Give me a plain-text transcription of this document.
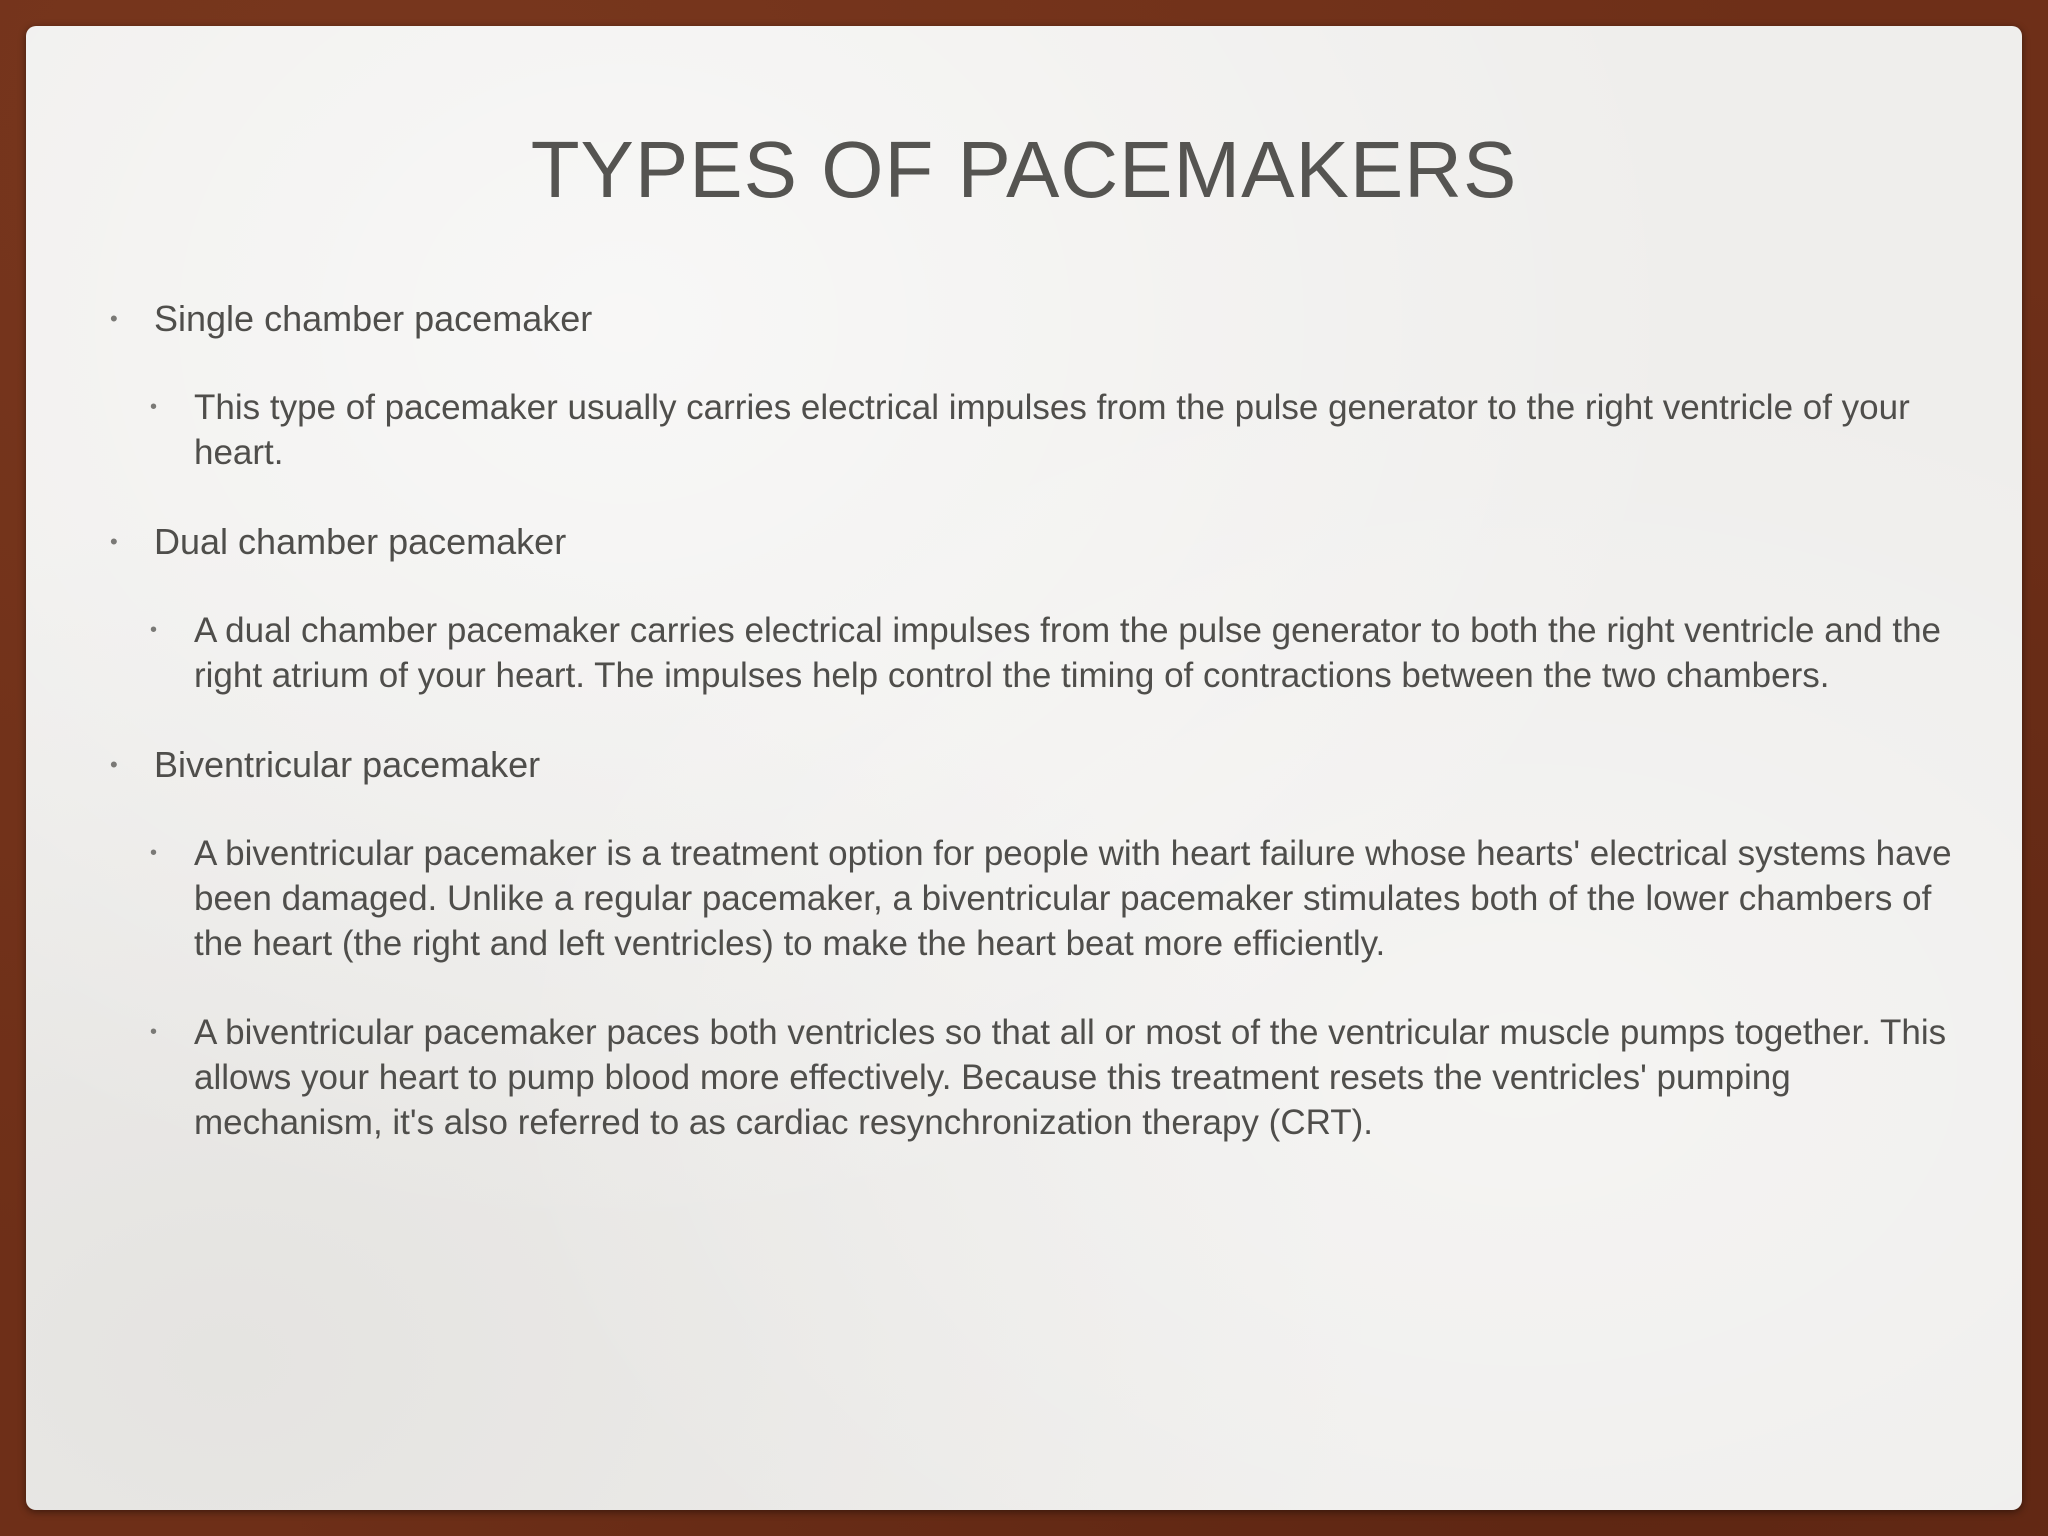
TYPES OF PACEMAKERS
•	Single chamber pacemaker
•	This type of pacemaker usually carries electrical impulses from the pulse generator to the right ventricle of your heart.
•	Dual chamber pacemaker
•	A dual chamber pacemaker carries electrical impulses from the pulse generator to both the right ventricle and the right atrium of your heart. The impulses help control the timing of contractions between the two chambers.
•	Biventricular pacemaker
•	A biventricular pacemaker is a treatment option for people with heart failure whose hearts' electrical systems have been damaged. Unlike a regular pacemaker, a biventricular pacemaker stimulates both of the lower chambers of the heart (the right and left ventricles) to make the heart beat more efficiently.
•	A biventricular pacemaker paces both ventricles so that all or most of the ventricular muscle pumps together. This allows your heart to pump blood more effectively. Because this treatment resets the ventricles' pumping mechanism, it's also referred to as cardiac resynchronization therapy (CRT).
